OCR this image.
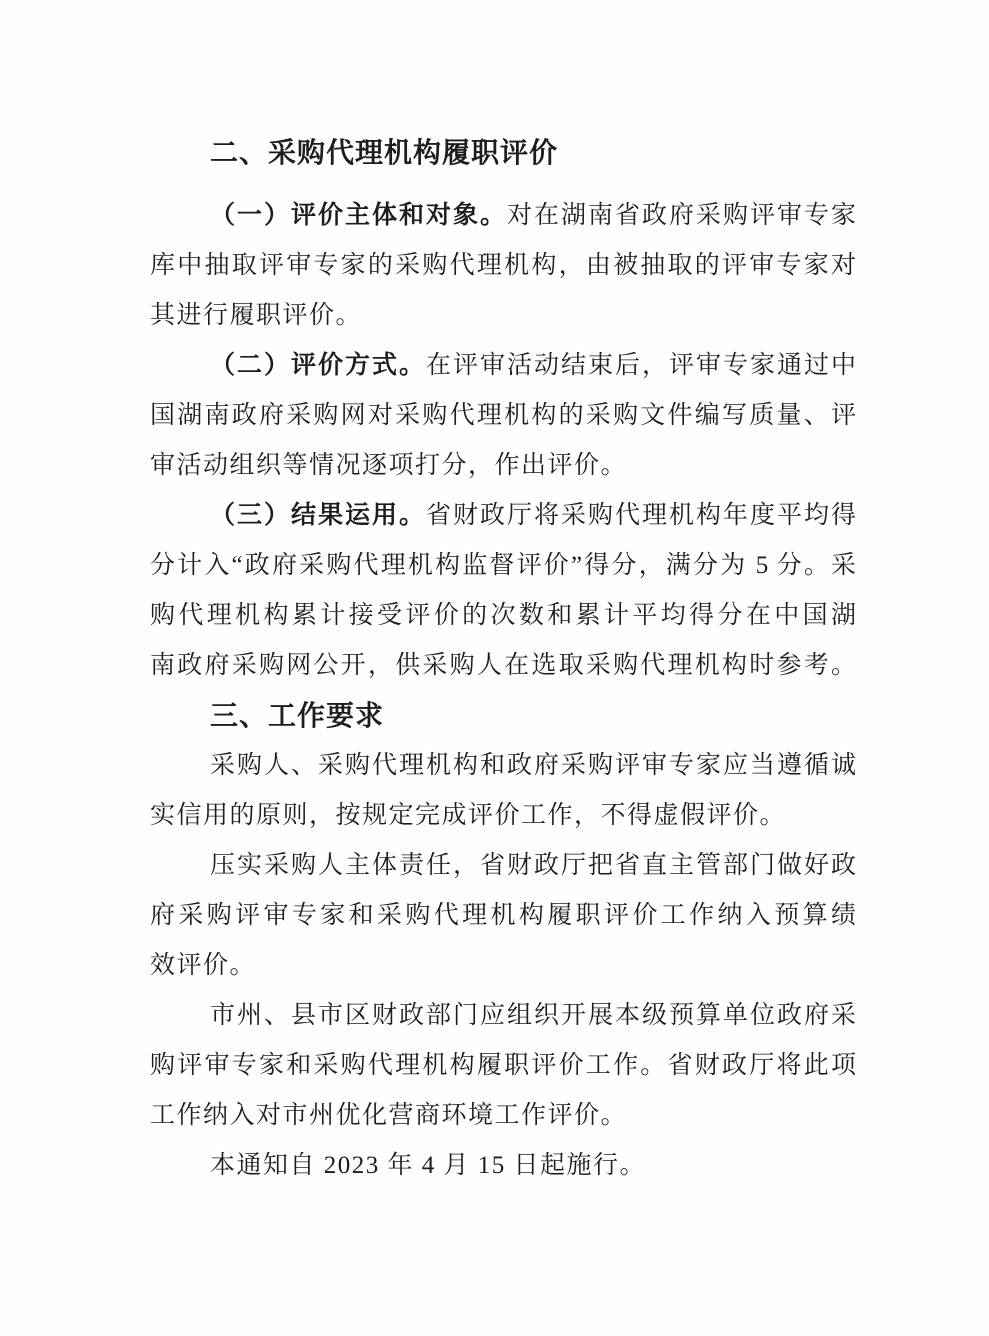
二、采购代理机构履职评价
（一）评价主体和对象。对在湖南省政府采购评审专家
库中抽取评审专家的采购代理机构，由被抽取的评审专家对
其进行履职评价。
（二）评价方式。在评审活动结束后，评审专家通过中
国湖南政府采购网对采购代理机构的采购文件编写质量、评
审活动组织等情况逐项打分，作出评价。
（三）结果运用。省财政厅将采购代理机构年度平均得
分计入“政府采购代理机构监督评价”得分，满分为 5 分。采
购代理机构累计接受评价的次数和累计平均得分在中国湖
南政府采购网公开，供采购人在选取采购代理机构时参考。
三、工作要求
采购人、采购代理机构和政府采购评审专家应当遵循诚
实信用的原则，按规定完成评价工作，不得虚假评价。
压实采购人主体责任，省财政厅把省直主管部门做好政
府采购评审专家和采购代理机构履职评价工作纳入预算绩
效评价。
市州、县市区财政部门应组织开展本级预算单位政府采
购评审专家和采购代理机构履职评价工作。省财政厅将此项
工作纳入对市州优化营商环境工作评价。
本通知自 2023 年 4 月 15 日起施行。
